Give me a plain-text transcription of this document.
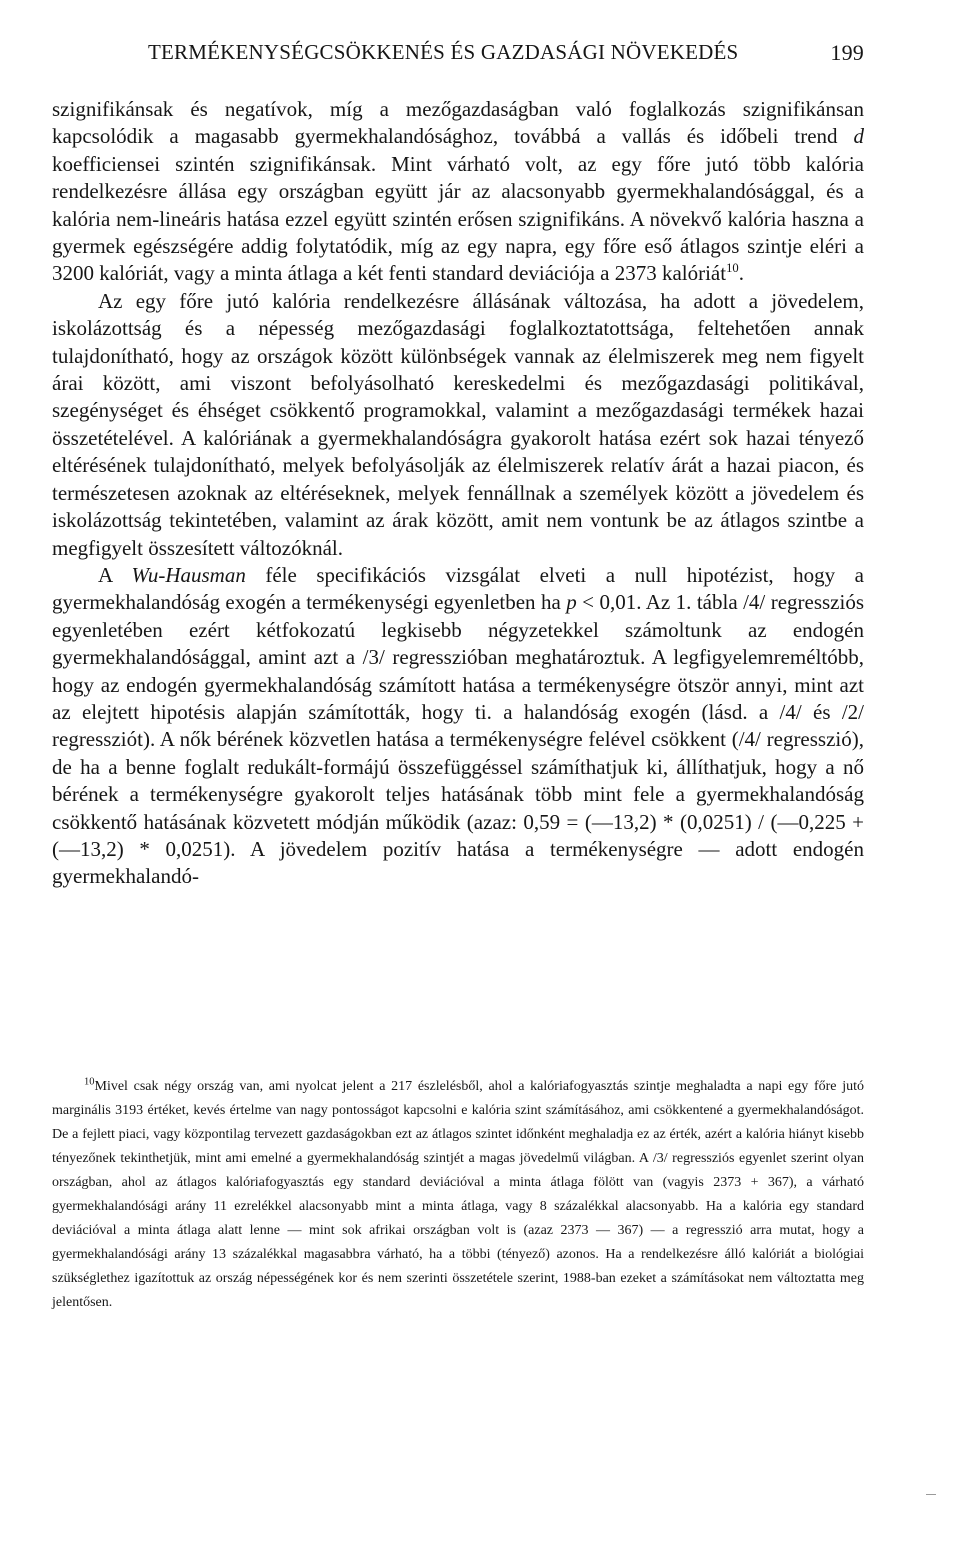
TERMÉKENYSÉGCSÖKKENÉS ÉS GAZDASÁGI NÖVEKEDÉS	199

szignifikánsak és negatívok, míg a mezőgazdaságban való foglalkozás szignifikánsan kapcsolódik a magasabb gyermekhalandósághoz, továbbá a vallás és időbeli trend d koefficiensei szintén szignifikánsak. Mint várható volt, az egy főre jutó több kalória rendelkezésre állása egy országban együtt jár az alacsonyabb gyermekhalandósággal, és a kalória nem-lineáris hatása ezzel együtt szintén erősen szignifikáns. A növekvő kalória haszna a gyermek egészségére addig folytatódik, míg az egy napra, egy főre eső átlagos szintje eléri a 3200 kalóriát, vagy a minta átlaga a két fenti standard deviációja a 2373 kalóriát$^{10}$.

Az egy főre jutó kalória rendelkezésre állásának változása, ha adott a jövedelem, iskolázottság és a népesség mezőgazdasági foglalkoztatottsága, feltehetően annak tulajdonítható, hogy az országok között különbségek vannak az élelmiszerek meg nem figyelt árai között, ami viszont befolyásolható kereskedelmi és mezőgazdasági politikával, szegénységet és éhséget csökkentő programokkal, valamint a mezőgazdasági termékek hazai összetételével. A kalóriának a gyermekhalandóságra gyakorolt hatása ezért sok hazai tényező eltérésének tulajdonítható, melyek befolyásolják az élelmiszerek relatív árát a hazai piacon, és természetesen azoknak az eltéréseknek, melyek fennállnak a személyek között a jövedelem és iskolázottság tekintetében, valamint az árak között, amit nem vontunk be az átlagos szintbe a megfigyelt összesített változóknál.

A Wu-Hausman féle specifikációs vizsgálat elveti a null hipotézist, hogy a gyermekhalandóság exogén a termékenységi egyenletben ha p < 0,01. Az 1. tábla /4/ regressziós egyenletében ezért kétfokozatú legkisebb négyzetekkel számoltunk az endogén gyermekhalandósággal, amint azt a /3/ regresszióban meghatároztuk. A legfigyelemreméltóbb, hogy az endogén gyermekhalandóság számított hatása a termékenységre ötször annyi, mint azt az elejtett hipotésis alapján számították, hogy ti. a halandóság exogén (lásd. a /4/ és /2/ regressziót). A nők bérének közvetlen hatása a termékenységre felével csökkent (/4/ regresszió), de ha a benne foglalt redukált-formájú összefüggéssel számíthatjuk ki, állíthatjuk, hogy a nő bérének a termékenységre gyakorolt teljes hatásának több mint fele a gyermekhalandóság csökkentő hatásának közvetett módján működik (azaz: 0,59 = (—13,2) * (0,0251) / (—0,225 + (—13,2) * 0,0251). A jövedelem pozitív hatása a termékenységre — adott endogén gyermekhalandó-

$^{10}$Mivel csak négy ország van, ami nyolcat jelent a 217 észlelésből, ahol a kalóriafogyasztás szintje meghaladta a napi egy főre jutó marginális 3193 értéket, kevés értelme van nagy pontosságot kapcsolni e kalória szint számításához, ami csökkentené a gyermekhalandóságot. De a fejlett piaci, vagy központilag tervezett gazdaságokban ezt az átlagos szintet időnként meghaladja ez az érték, azért a kalória hiányt kisebb tényezőnek tekinthetjük, mint ami emelné a gyermekhalandóság szintjét a magas jövedelmű világban. A /3/ regressziós egyenlet szerint olyan országban, ahol az átlagos kalóriafogyasztás egy standard deviációval a minta átlaga fölött van (vagyis 2373 + 367), a várható gyermekhalandósági arány 11 ezrelékkel alacsonyabb mint a minta átlaga, vagy 8 százalékkal alacsonyabb. Ha a kalória egy standard deviációval a minta átlaga alatt lenne — mint sok afrikai országban volt is (azaz 2373 — 367) — a regresszió arra mutat, hogy a gyermekhalandósági arány 13 százalékkal magasabbra várható, ha a többi (tényező) azonos. Ha a rendelkezésre álló kalóriát a biológiai szükséglethez igazítottuk az ország népességének kor és nem szerinti összetétele szerint, 1988-ban ezeket a számításokat nem változtatta meg jelentősen.
